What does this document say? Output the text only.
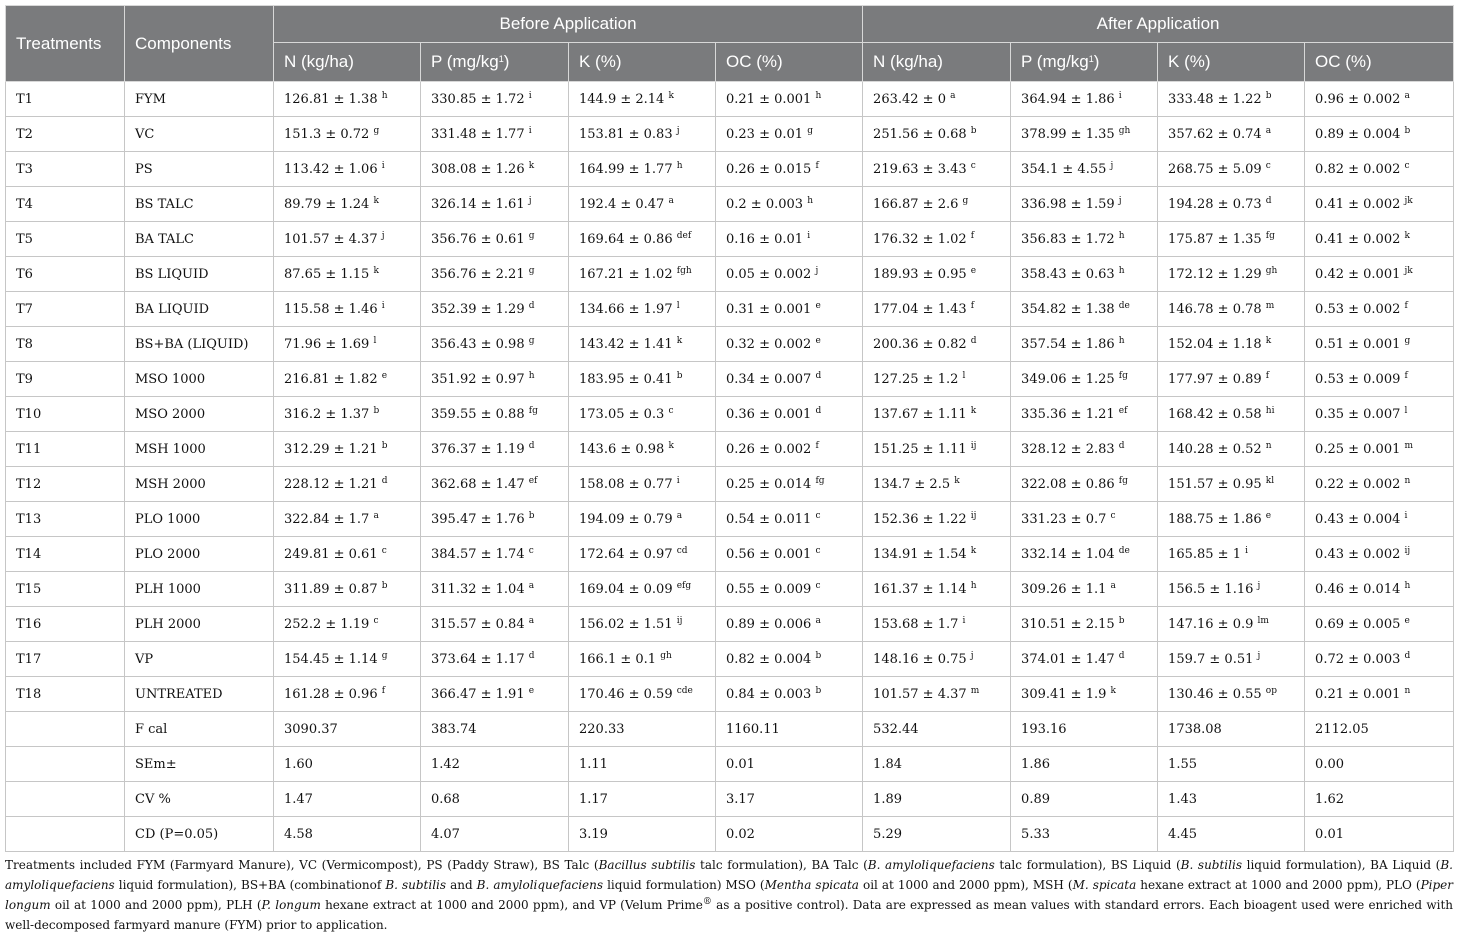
Treatments	Components	Before Application				After Application			
		N (kg/ha)	P $(mg/kg^1)$	K (%)	OC (%)	N (kg/ha)	P $(mg/kg^1)$	K (%)	OC (%)
T1	FYM	126.81 ± 1.38 $^h$	330.85 ± 1.72 $^i$	144.9 ± 2.14 $^k$	0.21 ± 0.001 $^h$	263.42 ± 0 $^a$	364.94 ± 1.86 $^i$	333.48 ± 1.22 $^b$	0.96 ± 0.002 $^a$
T2	VC	151.3 ± 0.72 $^g$	331.48 ± 1.77 $^i$	153.81 ± 0.83 $^j$	0.23 ± 0.01 $^g$	251.56 ± 0.68 $^b$	378.99 ± 1.35 $^{gh}$	357.62 ± 0.74 $^a$	0.89 ± 0.004 $^b$
T3	PS	113.42 ± 1.06 $^i$	308.08 ± 1.26 $^k$	164.99 ± 1.77 $^h$	0.26 ± 0.015 $^f$	219.63 ± 3.43 $^c$	354.1 ± 4.55 $^j$	268.75 ± 5.09 $^c$	0.82 ± 0.002 $^c$
T4	BS TALC	89.79 ± 1.24 $^k$	326.14 ± 1.61 $^j$	192.4 ± 0.47 $^a$	0.2 ± 0.003 $^h$	166.87 ± 2.6 $^g$	336.98 ± 1.59 $^j$	194.28 ± 0.73 $^d$	0.41 ± 0.002 $^{jk}$
T5	BA TALC	101.57 ± 4.37 $^j$	356.76 ± 0.61 $^g$	169.64 ± 0.86 $^{def}$	0.16 ± 0.01 $^i$	176.32 ± 1.02 $^f$	356.83 ± 1.72 $^h$	175.87 ± 1.35 $^{fg}$	0.41 ± 0.002 $^k$
T6	BS LIQUID	87.65 ± 1.15 $^k$	356.76 ± 2.21 $^g$	167.21 ± 1.02 $^{fgh}$	0.05 ± 0.002 $^j$	189.93 ± 0.95 $^e$	358.43 ± 0.63 $^h$	172.12 ± 1.29 $^{gh}$	0.42 ± 0.001 $^{jk}$
T7	BA LIQUID	115.58 ± 1.46 $^i$	352.39 ± 1.29 $^d$	134.66 ± 1.97 $^l$	0.31 ± 0.001 $^e$	177.04 ± 1.43 $^f$	354.82 ± 1.38 $^{de}$	146.78 ± 0.78 $^m$	0.53 ± 0.002 $^f$
T8	BS+BA (LIQUID)	71.96 ± 1.69 $^l$	356.43 ± 0.98 $^g$	143.42 ± 1.41 $^k$	0.32 ± 0.002 $^e$	200.36 ± 0.82 $^d$	357.54 ± 1.86 $^h$	152.04 ± 1.18 $^k$	0.51 ± 0.001 $^g$
T9	MSO 1000	216.81 ± 1.82 $^e$	351.92 ± 0.97 $^h$	183.95 ± 0.41 $^b$	0.34 ± 0.007 $^d$	127.25 ± 1.2 $^l$	349.06 ± 1.25 $^{fg}$	177.97 ± 0.89 $^f$	0.53 ± 0.009 $^f$
T10	MSO 2000	316.2 ± 1.37 $^b$	359.55 ± 0.88 $^{fg}$	173.05 ± 0.3 $^c$	0.36 ± 0.001 $^d$	137.67 ± 1.11 $^k$	335.36 ± 1.21 $^{ef}$	168.42 ± 0.58 $^{hi}$	0.35 ± 0.007 $^l$
T11	MSH 1000	312.29 ± 1.21 $^b$	376.37 ± 1.19 $^d$	143.6 ± 0.98 $^k$	0.26 ± 0.002 $^f$	151.25 ± 1.11 $^{ij}$	328.12 ± 2.83 $^d$	140.28 ± 0.52 $^n$	0.25 ± 0.001 $^m$
T12	MSH 2000	228.12 ± 1.21 $^d$	362.68 ± 1.47 $^{ef}$	158.08 ± 0.77 $^i$	0.25 ± 0.014 $^{fg}$	134.7 ± 2.5 $^k$	322.08 ± 0.86 $^{fg}$	151.57 ± 0.95 $^{kl}$	0.22 ± 0.002 $^n$
T13	PLO 1000	322.84 ± 1.7 $^a$	395.47 ± 1.76 $^b$	194.09 ± 0.79 $^a$	0.54 ± 0.011 $^c$	152.36 ± 1.22 $^{ij}$	331.23 ± 0.7 $^c$	188.75 ± 1.86 $^e$	0.43 ± 0.004 $^i$
T14	PLO 2000	249.81 ± 0.61 $^c$	384.57 ± 1.74 $^c$	172.64 ± 0.97 $^{cd}$	0.56 ± 0.001 $^c$	134.91 ± 1.54 $^k$	332.14 ± 1.04 $^{de}$	165.85 ± 1 $^i$	0.43 ± 0.002 $^{ij}$
T15	PLH 1000	311.89 ± 0.87 $^b$	311.32 ± 1.04 $^a$	169.04 ± 0.09 $^{efg}$	0.55 ± 0.009 $^c$	161.37 ± 1.14 $^h$	309.26 ± 1.1 $^a$	156.5 ± 1.16 $^j$	0.46 ± 0.014 $^h$
T16	PLH 2000	252.2 ± 1.19 $^c$	315.57 ± 0.84 $^a$	156.02 ± 1.51 $^{ij}$	0.89 ± 0.006 $^a$	153.68 ± 1.7 $^i$	310.51 ± 2.15 $^b$	147.16 ± 0.9 $^{lm}$	0.69 ± 0.005 $^e$
T17	VP	154.45 ± 1.14 $^g$	373.64 ± 1.17 $^d$	166.1 ± 0.1 $^{gh}$	0.82 ± 0.004 $^b$	148.16 ± 0.75 $^j$	374.01 ± 1.47 $^d$	159.7 ± 0.51 $^j$	0.72 ± 0.003 $^d$
T18	UNTREATED	161.28 ± 0.96 $^f$	366.47 ± 1.91 $^e$	170.46 ± 0.59 $^{cde}$	0.84 ± 0.003 $^b$	101.57 ± 4.37 $^m$	309.41 ± 1.9 $^k$	130.46 ± 0.55 $^{op}$	0.21 ± 0.001 $^n$
	F cal	3090.37	383.74	220.33	1160.11	532.44	193.16	1738.08	2112.05
	SEm±	1.60	1.42	1.11	0.01	1.84	1.86	1.55	0.00
	CV %	1.47	0.68	1.17	3.17	1.89	0.89	1.43	1.62
	CD (P=0.05)	4.58	4.07	3.19	0.02	5.29	5.33	4.45	0.01
Treatments included FYM (Farmyard Manure), VC (Vermicompost), PS (Paddy Straw), BS Talc (Bacillus subtilis talc formulation), BA Talc (B. amyloliquefaciens talc formulation), BS Liquid (B. subtilis liquid formulation), BA Liquid (B. amyloliquefaciens liquid formulation), BS+BA (combinationof B. subtilis and B. amyloliquefaciens liquid formulation) MSO (Mentha spicata oil at 1000 and 2000 ppm), MSH (M. spicata hexane extract at 1000 and 2000 ppm), PLO (Piper longum oil at 1000 and 2000 ppm), PLH (P. longum hexane extract at 1000 and 2000 ppm), and VP (Velum Prime® as a positive control). Data are expressed as mean values with standard errors. Each bioagent used were enriched with well-decomposed farmyard manure (FYM) prior to application.
